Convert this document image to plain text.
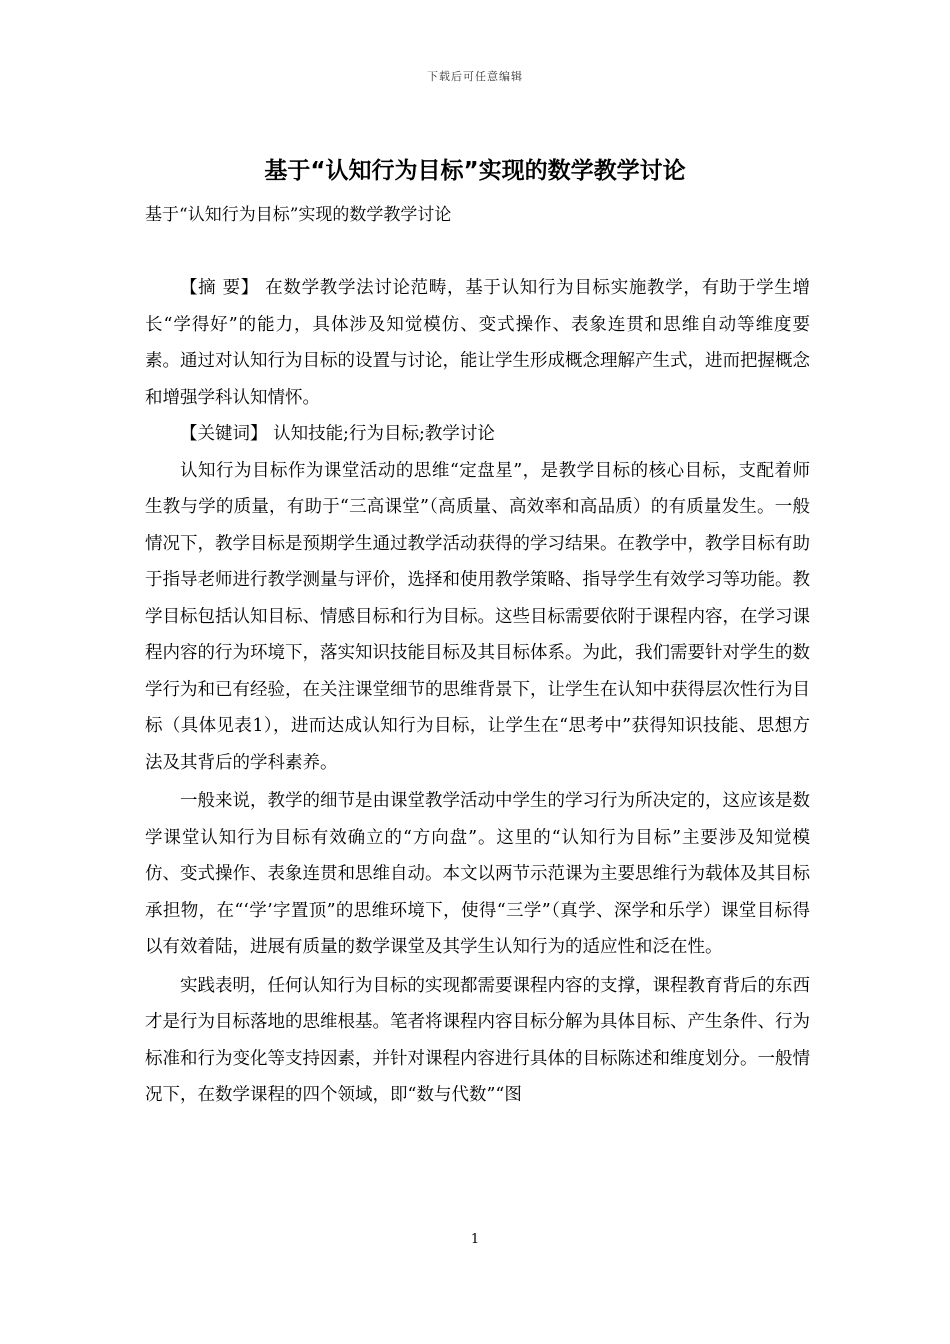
下载后可任意编辑
基于“认知行为目标”实现的数学教学讨论
基于“认知行为目标”实现的数学教学讨论

【摘 要】 在数学教学法讨论范畴，基于认知行为目标实施教学，有助于学生增长“学得好”的能力，具体涉及知觉模仿、变式操作、表象连贯和思维自动等维度要素。通过对认知行为目标的设置与讨论，能让学生形成概念理解产生式，进而把握概念和增强学科认知情怀。

【关键词】 认知技能;行为目标;教学讨论

认知行为目标作为课堂活动的思维“定盘星”，是教学目标的核心目标，支配着师生教与学的质量，有助于“三高课堂”（高质量、高效率和高品质）的有质量发生。一般情况下，教学目标是预期学生通过教学活动获得的学习结果。在教学中，教学目标有助于指导老师进行教学测量与评价，选择和使用教学策略、指导学生有效学习等功能。教学目标包括认知目标、情感目标和行为目标。这些目标需要依附于课程内容，在学习课程内容的行为环境下，落实知识技能目标及其目标体系。为此，我们需要针对学生的数学行为和已有经验，在关注课堂细节的思维背景下，让学生在认知中获得层次性行为目标（具体见表1），进而达成认知行为目标，让学生在“思考中”获得知识技能、思想方法及其背后的学科素养。

一般来说，教学的细节是由课堂教学活动中学生的学习行为所决定的，这应该是数学课堂认知行为目标有效确立的“方向盘”。这里的“认知行为目标”主要涉及知觉模仿、变式操作、表象连贯和思维自动。本文以两节示范课为主要思维行为载体及其目标承担物，在“‘学’字置顶”的思维环境下，使得“三学”（真学、深学和乐学）课堂目标得以有效着陆，进展有质量的数学课堂及其学生认知行为的适应性和泛在性。

实践表明，任何认知行为目标的实现都需要课程内容的支撑，课程教育背后的东西才是行为目标落地的思维根基。笔者将课程内容目标分解为具体目标、产生条件、行为标准和行为变化等支持因素，并针对课程内容进行具体的目标陈述和维度划分。一般情况下，在数学课程的四个领域，即“数与代数”“图

1
